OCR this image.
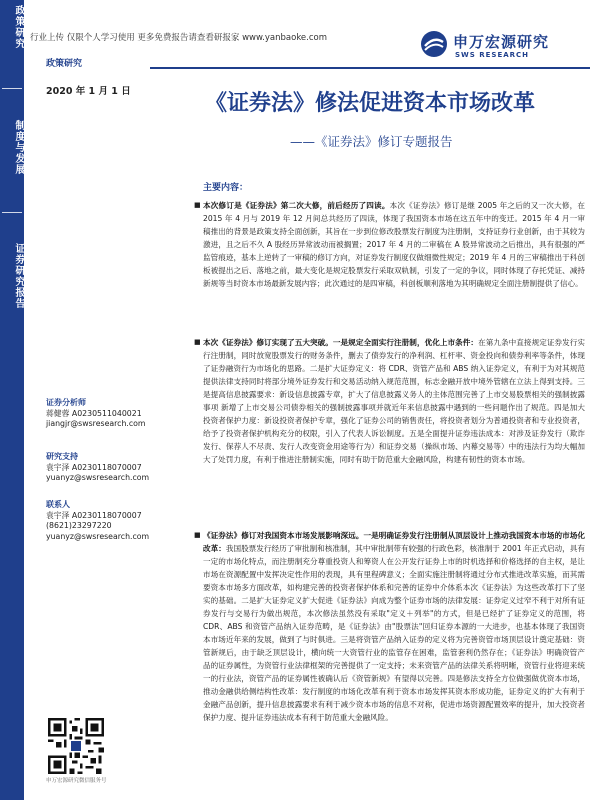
政策研究
制度与发展
证券研究报告
行业上传 仅限个人学习使用 更多免费报告请查看研报家 www.yanbaoke.com	申万宏源研究
SWS RESEARCH
政策研究
2020 年 1 月 1 日	《证券法》修法促进资本市场改革
——《证券法》修订专题报告
主要内容：
■ 本次修订是《证券法》第二次大修，前后经历了四读。本次《证券法》修订是继 2005 年之后的又一次大修，在 2015 年 4 月与 2019 年 12 月间总共经历了四读，体现了我国资本市场在这五年中的变迁。2015 年 4 月一审稿推出的背景是政策支持全面创新，其旨在一步到位修改股票发行制度为注册制，支持证券行业创新，由于其较为激进，且之后不久 A 股经历异常波动而被搁置；2017 年 4 月的二审稿在 A 股异常波动之后推出，具有很强的严监管痕迹，基本上逆转了一审稿的修订方向，对证券发行制度仅做细微性规定；2019 年 4 月的三审稿推出于科创板被提出之后、落地之前，最大变化是规定股票发行采取双轨制，引发了一定的争议，同时体现了存托凭证、减持新规等当时资本市场最新发展内容；此次通过的是四审稿，科创板顺利落地为其明确规定全面注册制提供了信心。
■ 本次《证券法》修订实现了五大突破。一是规定全面实行注册制，优化上市条件：在第九条中直接规定证券发行实行注册制，同时放宽股票发行的财务条件，删去了债券发行的净利润、杠杆率、资金投向和债券利率等条件，体现了证券融资行为市场化的思路。二是扩大证券定义：将 CDR、资管产品和 ABS 纳入证券定义，有利于为对其规范提供法律支持同时将部分境外证券发行和交易活动纳入规范范围，标志金融开放中境外管辖在立法上得到支持。三是提高信息披露要求：新设信息披露专章，扩大了信息披露义务人的主体范围完善了上市交易股票相关的强制披露事项 新增了上市交易公司债券相关的强制披露事项并就近年来信息披露中遇到的一些问题作出了规范。四是加大投资者保护力度：新设投资者保护专章，强化了证券公司的销售责任，将投资者划分为普通投资者和专业投资者，给予了投资者保护机构充分的权限，引入了代表人诉讼制度。五是全面提升证券违法成本：对涉及证券发行（欺诈发行、保荐人不尽责、发行人改变资金用途等行为）和证券交易（操纵市场、内幕交易等）中的违法行为均大幅加大了处罚力度，有利于推进注册制实施，同时有助于防范重大金融风险，构建有韧性的资本市场。
■ 《证券法》修订对我国资本市场发展影响深远。一是明确证券发行注册制从顶层设计上推动我国资本市场的市场化改革：我国股票发行经历了审批制和核准制，其中审批制带有较强的行政色彩，核准制于 2001 年正式启动，具有一定的市场化特点，而注册制充分尊重投资人和筹资人在公开发行证券上市的时机选择和价格选择的自主权，是让市场在资源配置中发挥决定性作用的表现，具有里程碑意义；全面实施注册制将通过分布式推进改革实施，而其需要资本市场多方面改革，如构建完善的投资者保护体系和完善的证券中介体系本次《证券法》为这些改革打下了坚实的基础。二是扩大证券定义扩大促进《证券法》向成为整个证券市场的法律发展：证券定义过窄不利于对所有证券发行与交易行为做出规范，本次修法虽然没有采取"定义＋列举"的方式，但是已经扩了证券定义的范围，将 CDR、ABS 和资管产品纳入证券范畴，是《证券法》由"股票法"回归证券本源的一大进步，也基本体现了我国资本市场近年来的发展，做到了与时俱进。三是将资管产品纳入证券的定义将为完善资管市场顶层设计奠定基础：资管新规后，由于缺乏顶层设计，横向统一大资管行业的监管存在困难，监管套利仍然存在；《证券法》明确资管产品的证券属性，为资管行业法律框架的完善提供了一定支持；未来资管产品的法律关系将明晰，资管行业将迎来统一的行业法，资管产品的证券属性被确认后《资管新规》有望得以完善。四是修法支持全方位做强做优资本市场，推动金融供给侧结构性改革：发行制度的市场化改革有利于资本市场发挥其资本形成功能，证券定义的扩大有利于金融产品创新，提升信息披露要求有利于减少资本市场的信息不对称，促进市场资源配置效率的提升，加大投资者保护力度、提升证券违法成本有利于防范重大金融风险。
证券分析师
蒋健蓉 A0230511040021
jiangjr@swsresearch.com
研究支持
袁宇泽 A0230118070007
yuanyz@swsresearch.com
联系人
袁宇泽 A0230118070007
(8621)23297220
yuanyz@swsresearch.com
申万宏源研究微信服务号
